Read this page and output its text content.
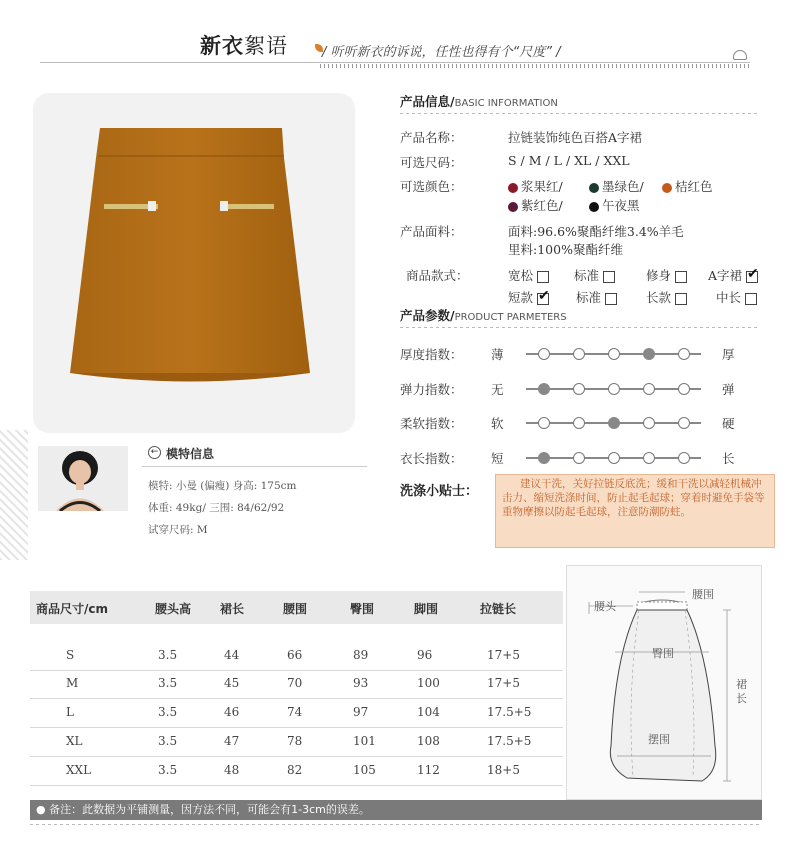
新衣絮语	/ 听听新衣的诉说，任性也得有个“尺度” /
← 模特信息
模特: 小曼 (偏瘦) 身高: 175cm
体重: 49kg/ 三围: 84/62/92
试穿尺码: M
产品信息/BASIC INFORMATION
产品名称：	拉链装饰纯色百搭A字裙
可选尺码：	S / M / L / XL / XXL
可选颜色：	浆果红/	墨绿色/	桔红色
紫红色/	午夜黑
产品面料：	面料:96.6%聚酯纤维3.4%羊毛
里料:100%聚酯纤维
商品款式：	宽松	标准	修身	A字裙✔
短款✔	标准	长款	中长
产品参数/PRODUCT PARMETERS
厚度指数： 薄	厚
弹力指数： 无	弹
柔软指数： 软	硬
衣长指数： 短	长
洗涤小贴士：	建议干洗，关好拉链反底洗；缓和干洗以减轻机械冲击力、缩短洗涤时间，防止起毛起球；穿着时避免手袋等重物摩擦以防起毛起球，注意防潮防蛀。
商品尺寸/cm	腰头高 裙长	腰围	臀围	脚围	拉链长
S	3.5	44	66	89	96	17+5
M	3.5	45	70	93	100	17+5
L	3.5	46	74	97	104	17.5+5
XL	3.5	47	78	101	108	17.5+5
XXL	3.5	48	82	105	112	18+5
腰头
腰围
臀围
裙长
摆围
● 备注：此数据为平铺测量，因方法不同，可能会有1-3cm的误差。
